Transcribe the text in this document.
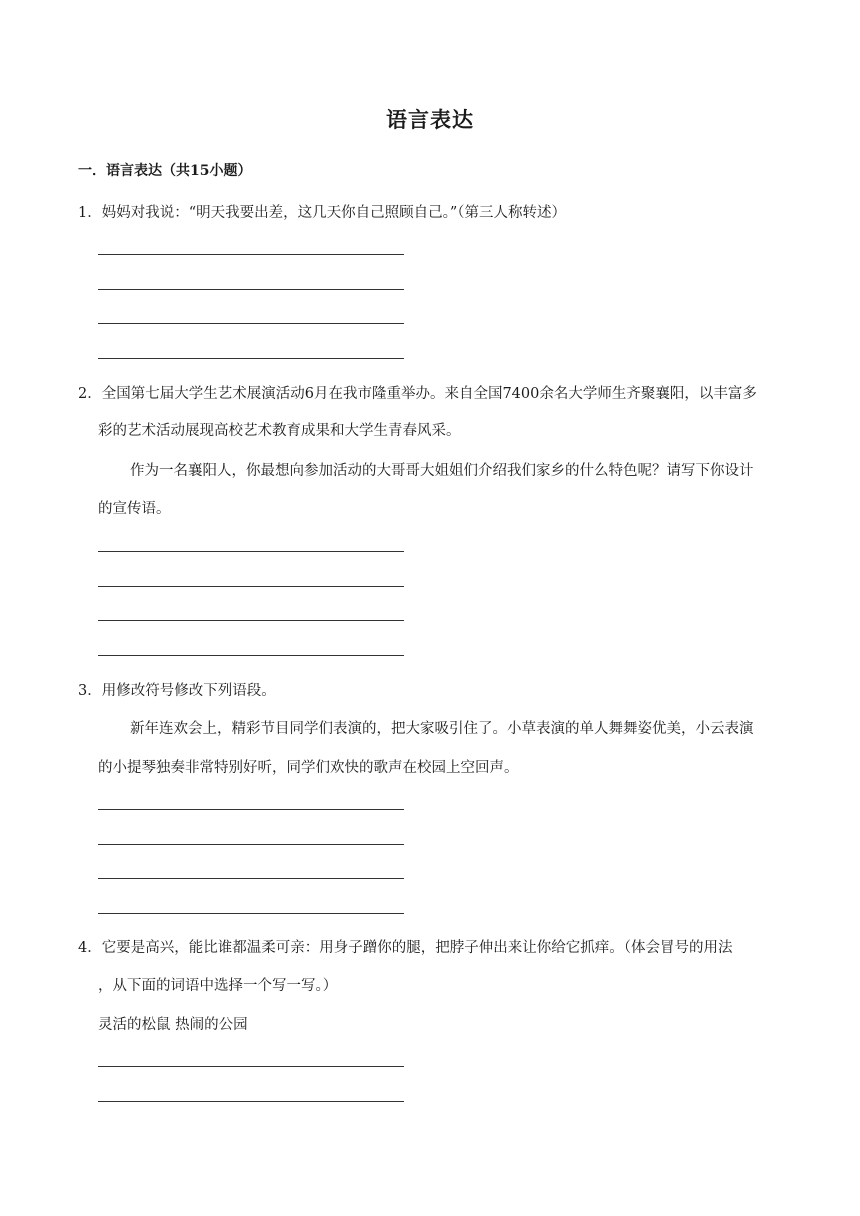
语言表达
一．语言表达（共15小题）
1．妈妈对我说：“明天我要出差，这几天你自己照顾自己。”（第三人称转述）
2．全国第七届大学生艺术展演活动6月在我市隆重举办。来自全国7400余名大学师生齐聚襄阳，以丰富多
彩的艺术活动展现高校艺术教育成果和大学生青春风采。
作为一名襄阳人，你最想向参加活动的大哥哥大姐姐们介绍我们家乡的什么特色呢？请写下你设计
的宣传语。
3．用修改符号修改下列语段。
新年连欢会上，精彩节目同学们表演的，把大家吸引住了。小草表演的单人舞舞姿优美，小云表演
的小提琴独奏非常特别好听，同学们欢快的歌声在校园上空回声。
4．它要是高兴，能比谁都温柔可亲：用身子蹭你的腿，把脖子伸出来让你给它抓痒。（体会冒号的用法
，从下面的词语中选择一个写一写。）
灵活的松鼠 热闹的公园
